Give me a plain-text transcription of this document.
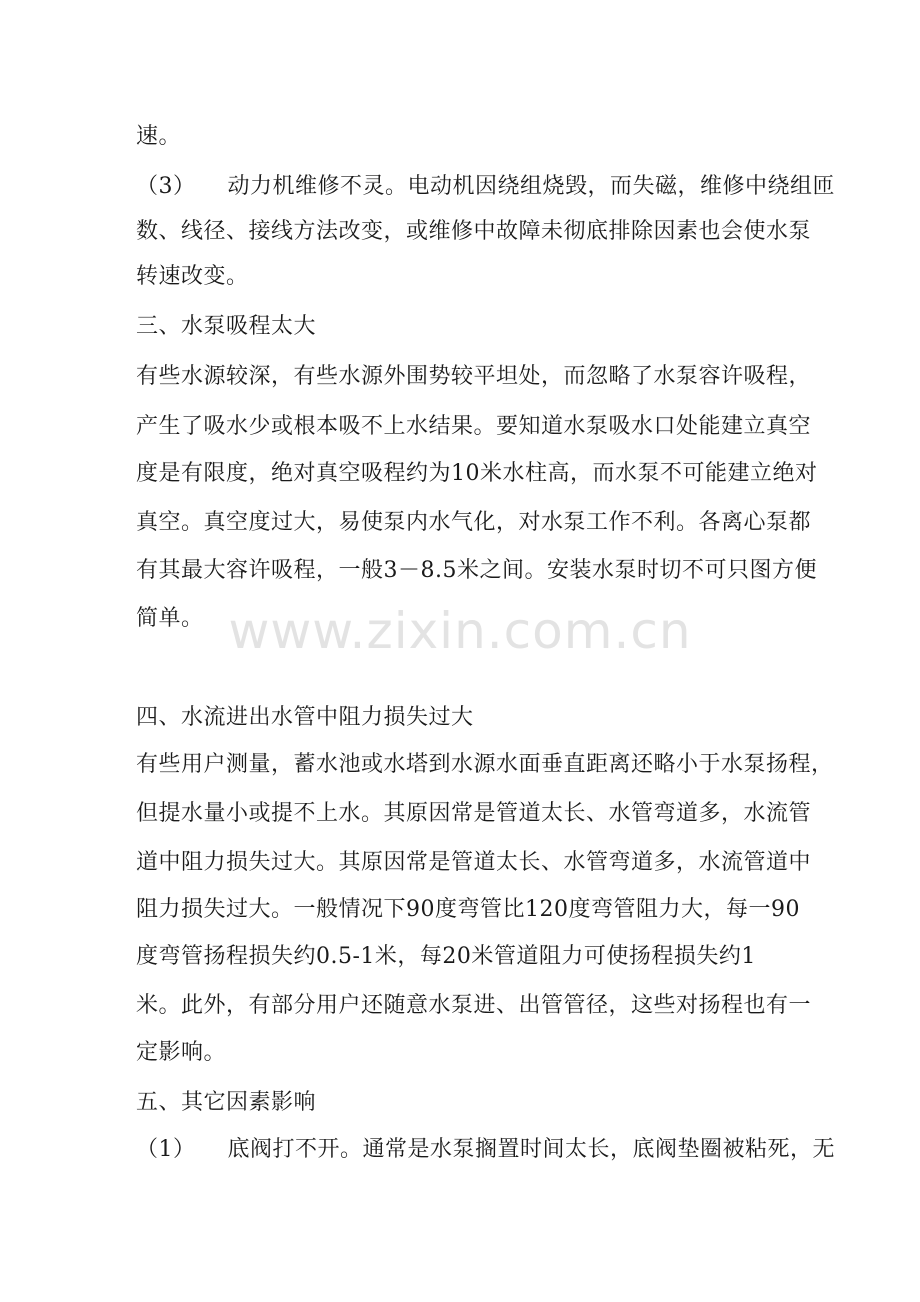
速。
（3） 动力机维修不灵。电动机因绕组烧毁，而失磁，维修中绕组匝
数、线径、接线方法改变，或维修中故障未彻底排除因素也会使水泵
转速改变。
三、水泵吸程太大
有些水源较深，有些水源外围势较平坦处，而忽略了水泵容许吸程，
产生了吸水少或根本吸不上水结果。要知道水泵吸水口处能建立真空
度是有限度，绝对真空吸程约为10米水柱高，而水泵不可能建立绝对
真空。真空度过大，易使泵内水气化，对水泵工作不利。各离心泵都
有其最大容许吸程，一般3－8.5米之间。安装水泵时切不可只图方便
简单。 www.zixin.com.cn
四、水流进出水管中阻力损失过大
有些用户测量，蓄水池或水塔到水源水面垂直距离还略小于水泵扬程，
但提水量小或提不上水。其原因常是管道太长、水管弯道多，水流管
道中阻力损失过大。其原因常是管道太长、水管弯道多，水流管道中
阻力损失过大。一般情况下90度弯管比120度弯管阻力大，每一90
度弯管扬程损失约0.5-1米，每20米管道阻力可使扬程损失约1
米。此外，有部分用户还随意水泵进、出管管径，这些对扬程也有一
定影响。
五、其它因素影响
（1） 底阀打不开。通常是水泵搁置时间太长，底阀垫圈被粘死，无
